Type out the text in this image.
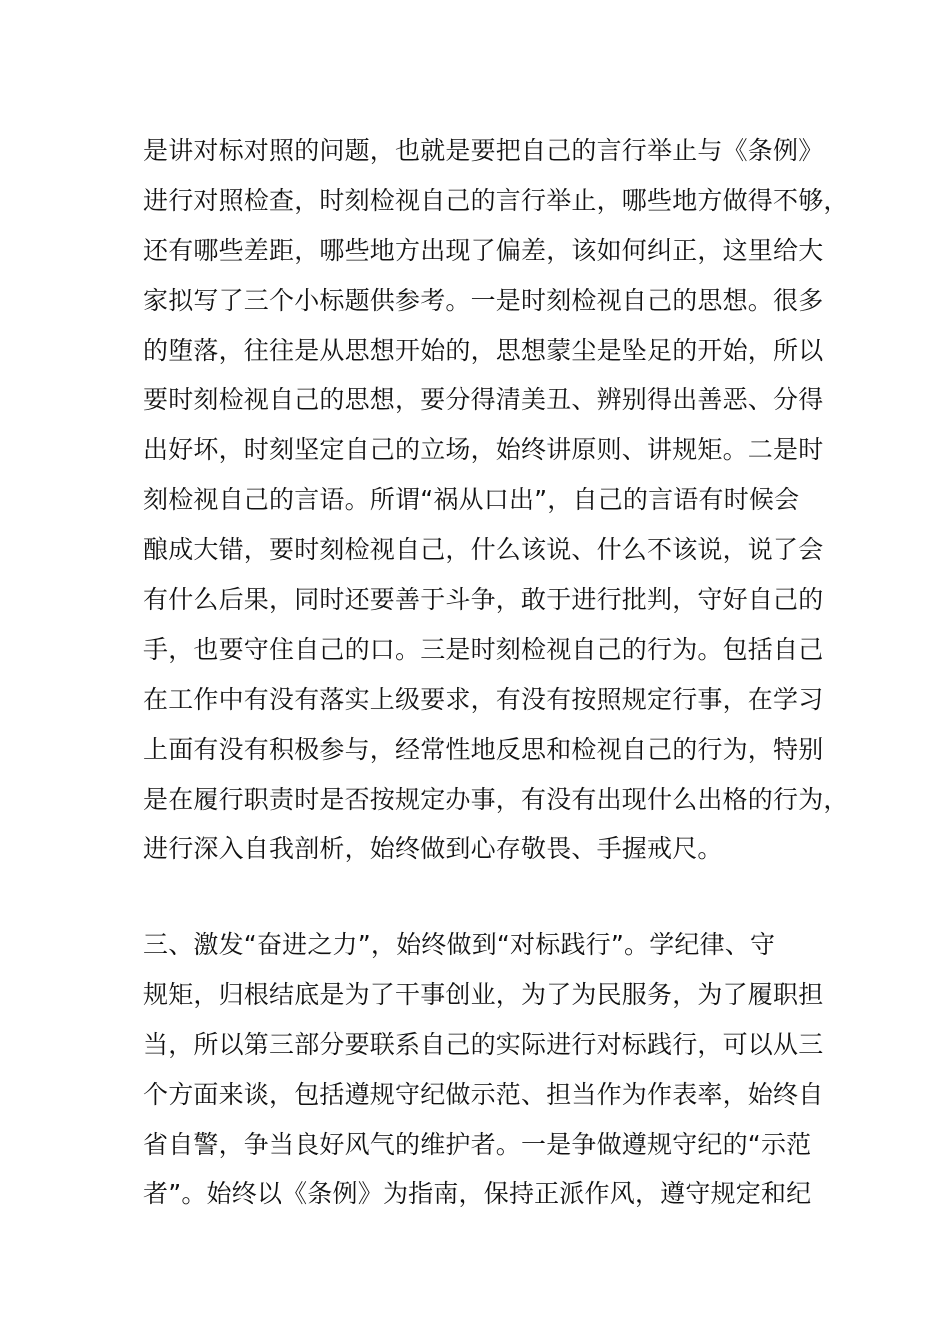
是讲对标对照的问题，也就是要把自己的言行举止与《条例》
进行对照检查，时刻检视自己的言行举止，哪些地方做得不够，
还有哪些差距，哪些地方出现了偏差，该如何纠正，这里给大
家拟写了三个小标题供参考。一是时刻检视自己的思想。很多
的堕落，往往是从思想开始的，思想蒙尘是坠足的开始，所以
要时刻检视自己的思想，要分得清美丑、辨别得出善恶、分得
出好坏，时刻坚定自己的立场，始终讲原则、讲规矩。二是时
刻检视自己的言语。所谓“祸从口出”，自己的言语有时候会
酿成大错，要时刻检视自己，什么该说、什么不该说，说了会
有什么后果，同时还要善于斗争，敢于进行批判，守好自己的
手，也要守住自己的口。三是时刻检视自己的行为。包括自己
在工作中有没有落实上级要求，有没有按照规定行事，在学习
上面有没有积极参与，经常性地反思和检视自己的行为，特别
是在履行职责时是否按规定办事，有没有出现什么出格的行为，
进行深入自我剖析，始终做到心存敬畏、手握戒尺。
三、激发“奋进之力”，始终做到“对标践行”。学纪律、守
规矩，归根结底是为了干事创业，为了为民服务，为了履职担
当，所以第三部分要联系自己的实际进行对标践行，可以从三
个方面来谈，包括遵规守纪做示范、担当作为作表率，始终自
省自警，争当良好风气的维护者。一是争做遵规守纪的“示范
者”。始终以《条例》为指南，保持正派作风，遵守规定和纪
